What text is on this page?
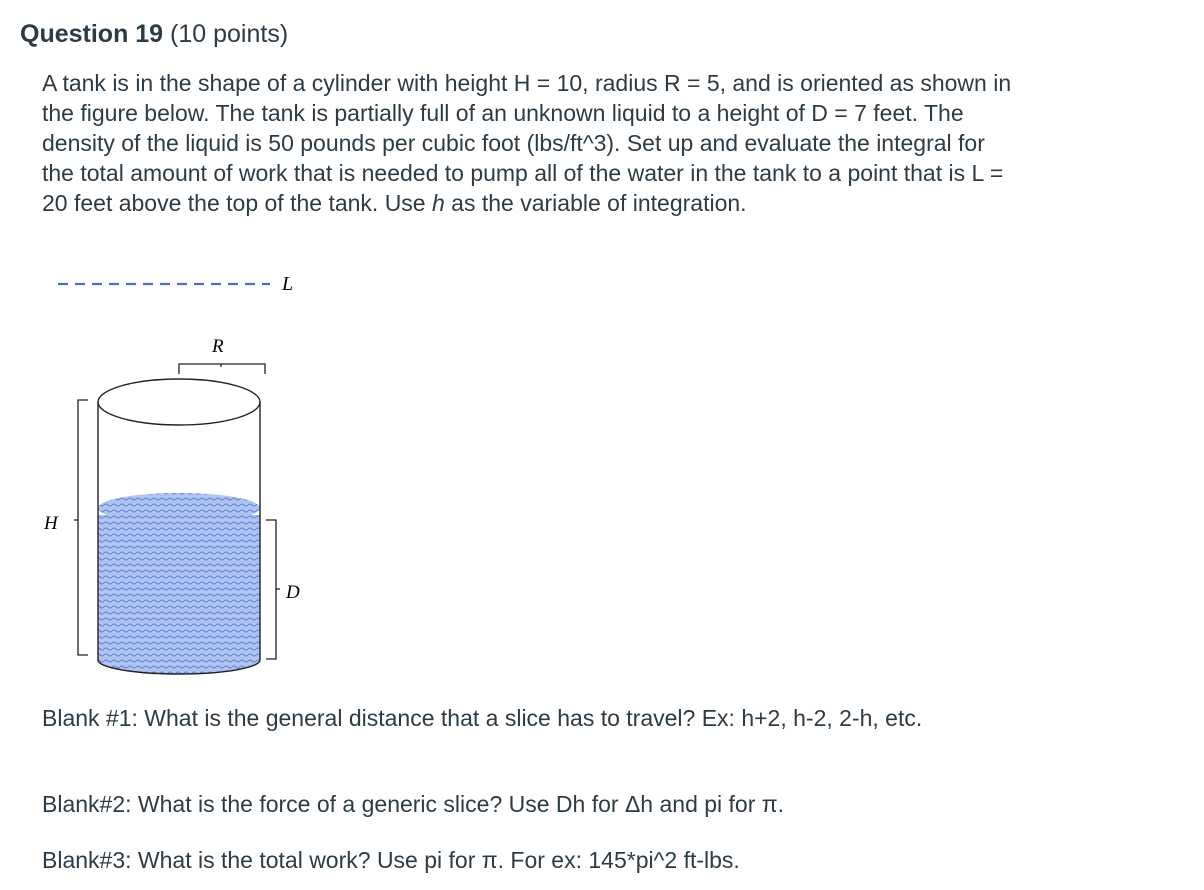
Question 19 (10 points)
A tank is in the shape of a cylinder with height H = 10, radius R = 5, and is oriented as shown in the figure below. The tank is partially full of an unknown liquid to a height of D = 7 feet. The density of the liquid is 50 pounds per cubic foot (lbs/ft^3). Set up and evaluate the integral for the total amount of work that is needed to pump all of the water in the tank to a point that is L = 20 feet above the top of the tank. Use h as the variable of integration.
L
R
H
D
Blank #1: What is the general distance that a slice has to travel? Ex: h+2, h-2, 2-h, etc.
Blank#2: What is the force of a generic slice? Use Dh for Δh and pi for π.
Blank#3: What is the total work? Use pi for π. For ex: 145*pi^2 ft-lbs.
